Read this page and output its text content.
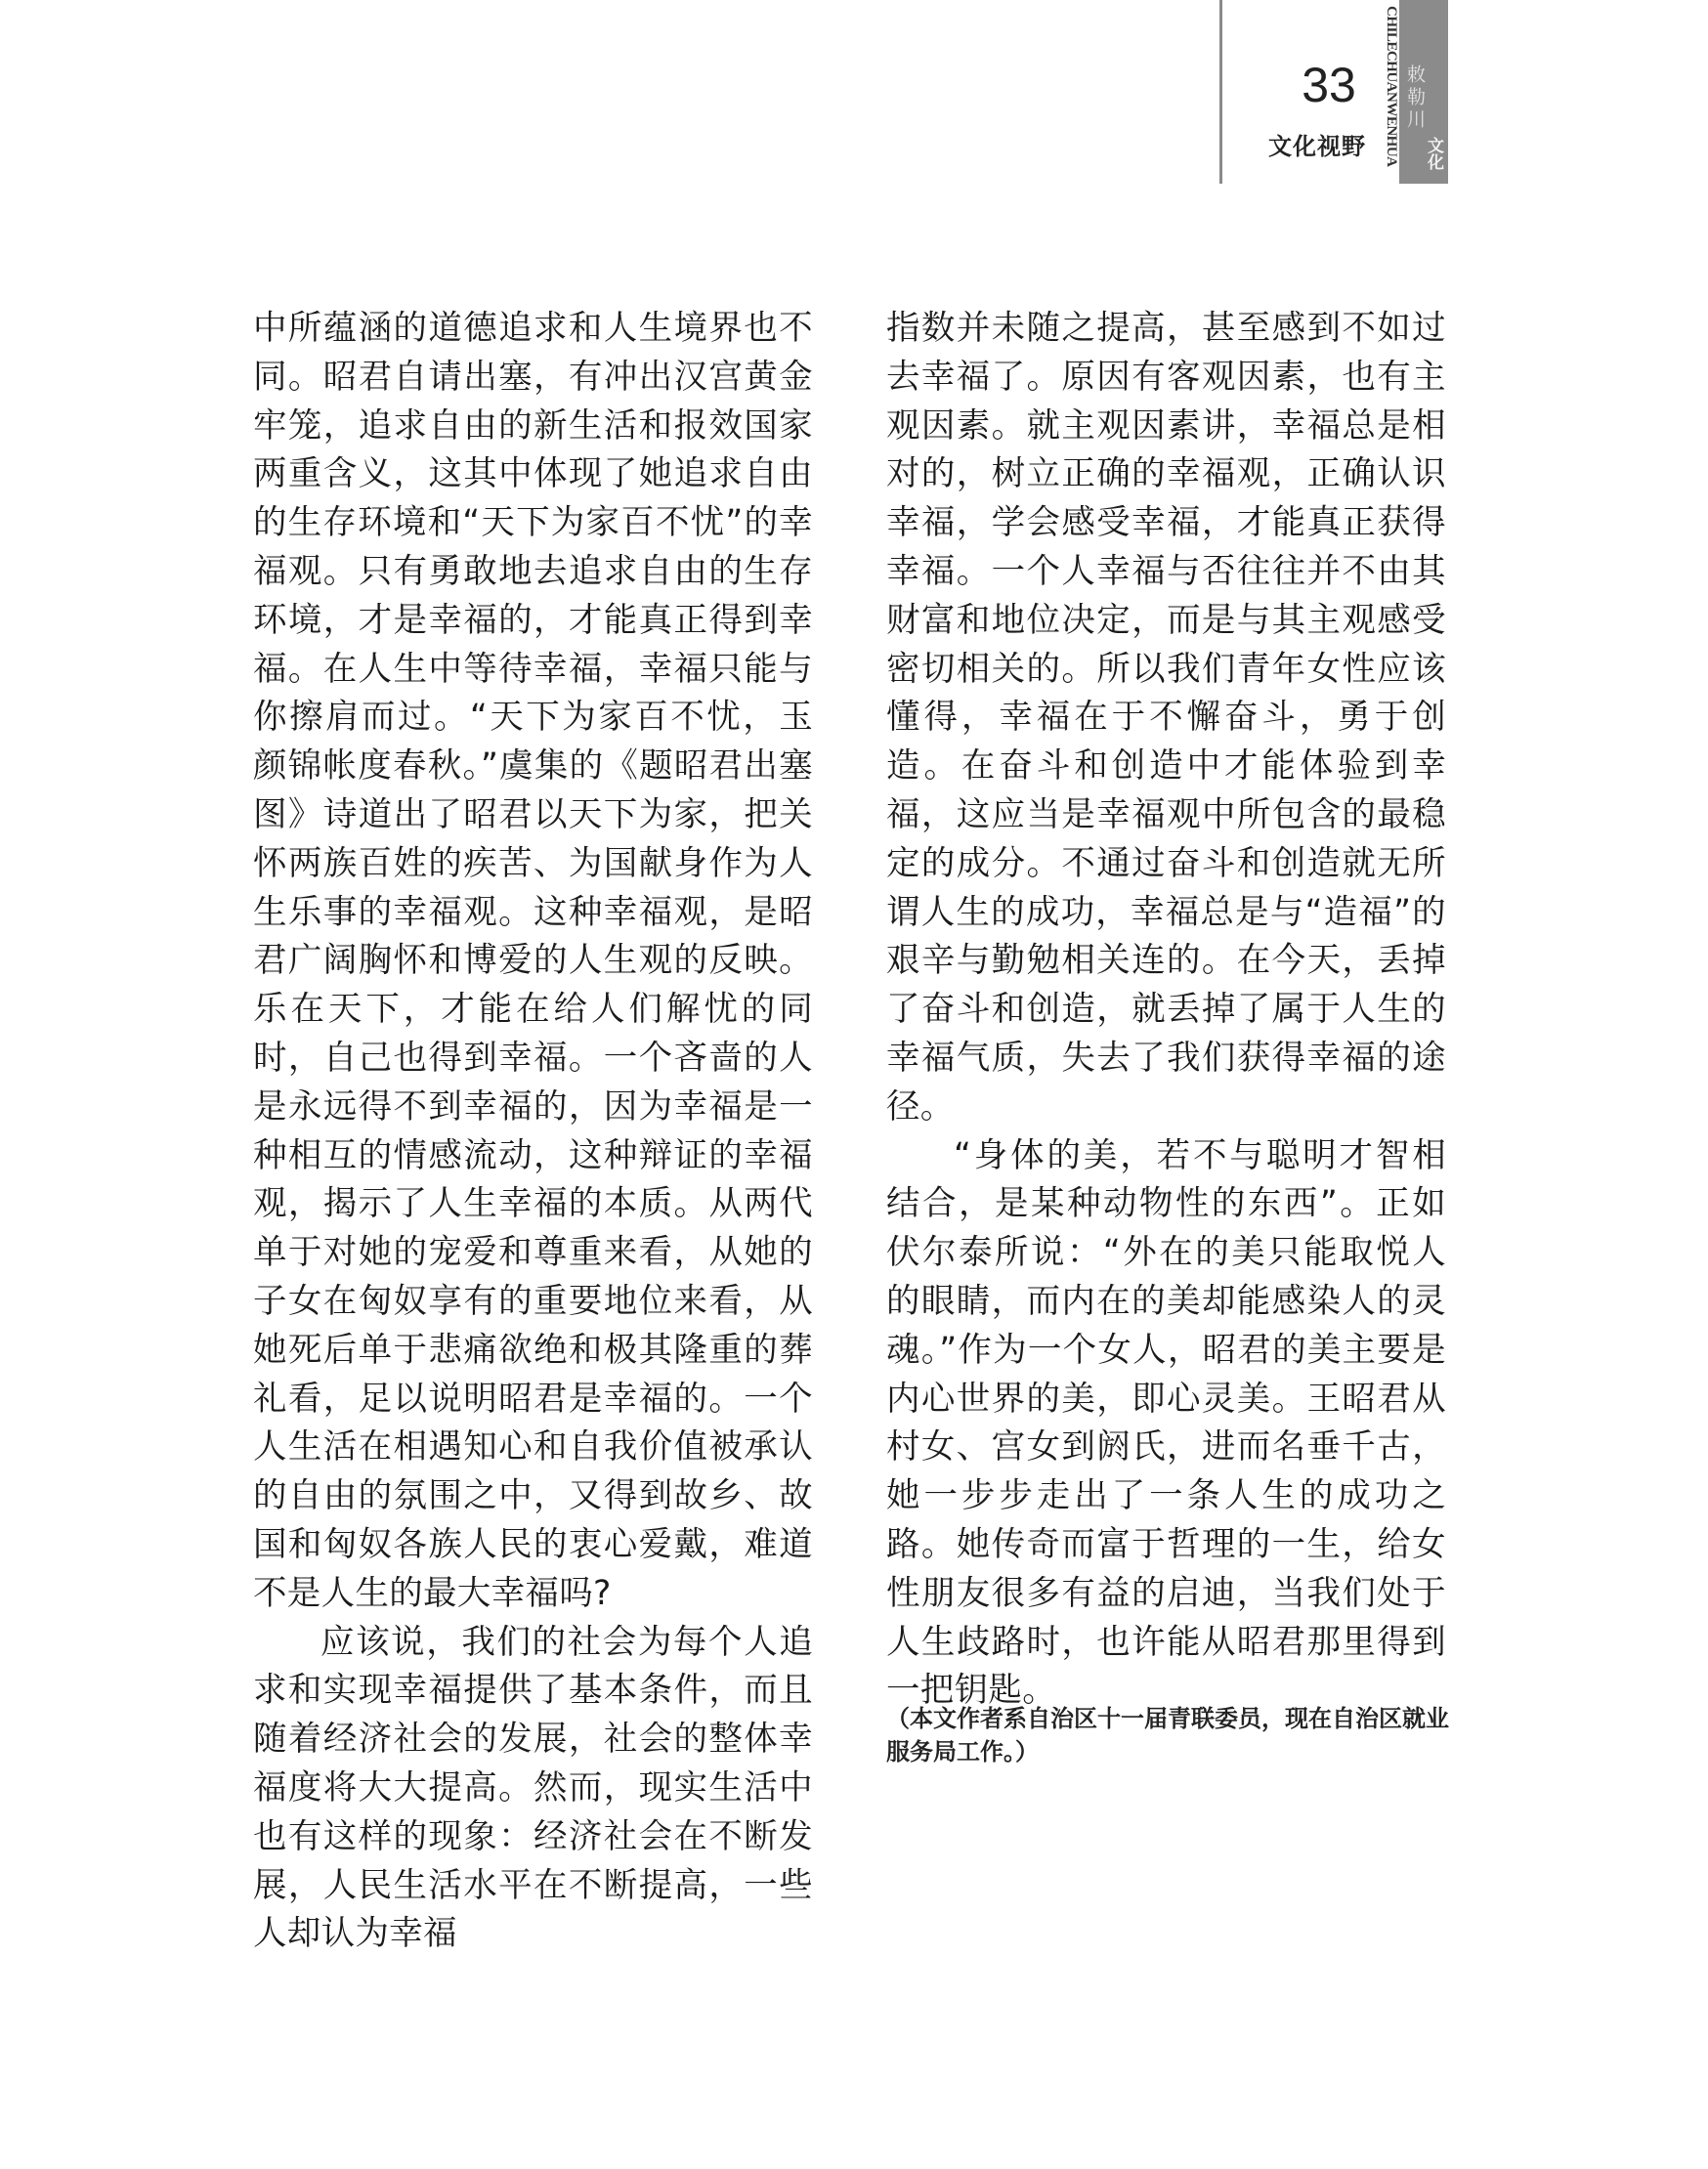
33
文化视野	CHILECHUANWENHUA 敕勒川
文化

中所蕴涵的道德追求和人生境界也不同。昭君自请出塞，有冲出汉宫黄金牢笼，追求自由的新生活和报效国家两重含义，这其中体现了她追求自由的生存环境和“天下为家百不忧”的幸福观。只有勇敢地去追求自由的生存环境，才是幸福的，才能真正得到幸福。在人生中等待幸福，幸福只能与你擦肩而过。“天下为家百不忧，玉颜锦帐度春秋。”虞集的《题昭君出塞图》诗道出了昭君以天下为家，把关怀两族百姓的疾苦、为国献身作为人生乐事的幸福观。这种幸福观，是昭君广阔胸怀和博爱的人生观的反映。乐在天下，才能在给人们解忧的同时，自己也得到幸福。一个吝啬的人是永远得不到幸福的，因为幸福是一种相互的情感流动，这种辩证的幸福观，揭示了人生幸福的本质。从两代单于对她的宠爱和尊重来看，从她的子女在匈奴享有的重要地位来看，从她死后单于悲痛欲绝和极其隆重的葬礼看，足以说明昭君是幸福的。一个人生活在相遇知心和自我价值被承认的自由的氛围之中，又得到故乡、故国和匈奴各族人民的衷心爱戴，难道不是人生的最大幸福吗?

应该说，我们的社会为每个人追求和实现幸福提供了基本条件，而且随着经济社会的发展，社会的整体幸福度将大大提高。然而，现实生活中也有这样的现象：经济社会在不断发展，人民生活水平在不断提高，一些人却认为幸福

指数并未随之提高，甚至感到不如过去幸福了。原因有客观因素，也有主观因素。就主观因素讲，幸福总是相对的，树立正确的幸福观，正确认识幸福，学会感受幸福，才能真正获得幸福。一个人幸福与否往往并不由其财富和地位决定，而是与其主观感受密切相关的。所以我们青年女性应该懂得，幸福在于不懈奋斗，勇于创造。在奋斗和创造中才能体验到幸福，这应当是幸福观中所包含的最稳定的成分。不通过奋斗和创造就无所谓人生的成功，幸福总是与“造福”的艰辛与勤勉相关连的。在今天，丢掉了奋斗和创造，就丢掉了属于人生的幸福气质，失去了我们获得幸福的途径。

“身体的美，若不与聪明才智相结合，是某种动物性的东西”。正如伏尔泰所说：“外在的美只能取悦人的眼睛，而内在的美却能感染人的灵魂。”作为一个女人，昭君的美主要是内心世界的美，即心灵美。王昭君从村女、宫女到阏氏，进而名垂千古，她一步步走出了一条人生的成功之路。她传奇而富于哲理的一生，给女性朋友很多有益的启迪，当我们处于人生歧路时，也许能从昭君那里得到一把钥匙。

（本文作者系自治区十一届青联委员，现在自治区就业服务局工作。）
